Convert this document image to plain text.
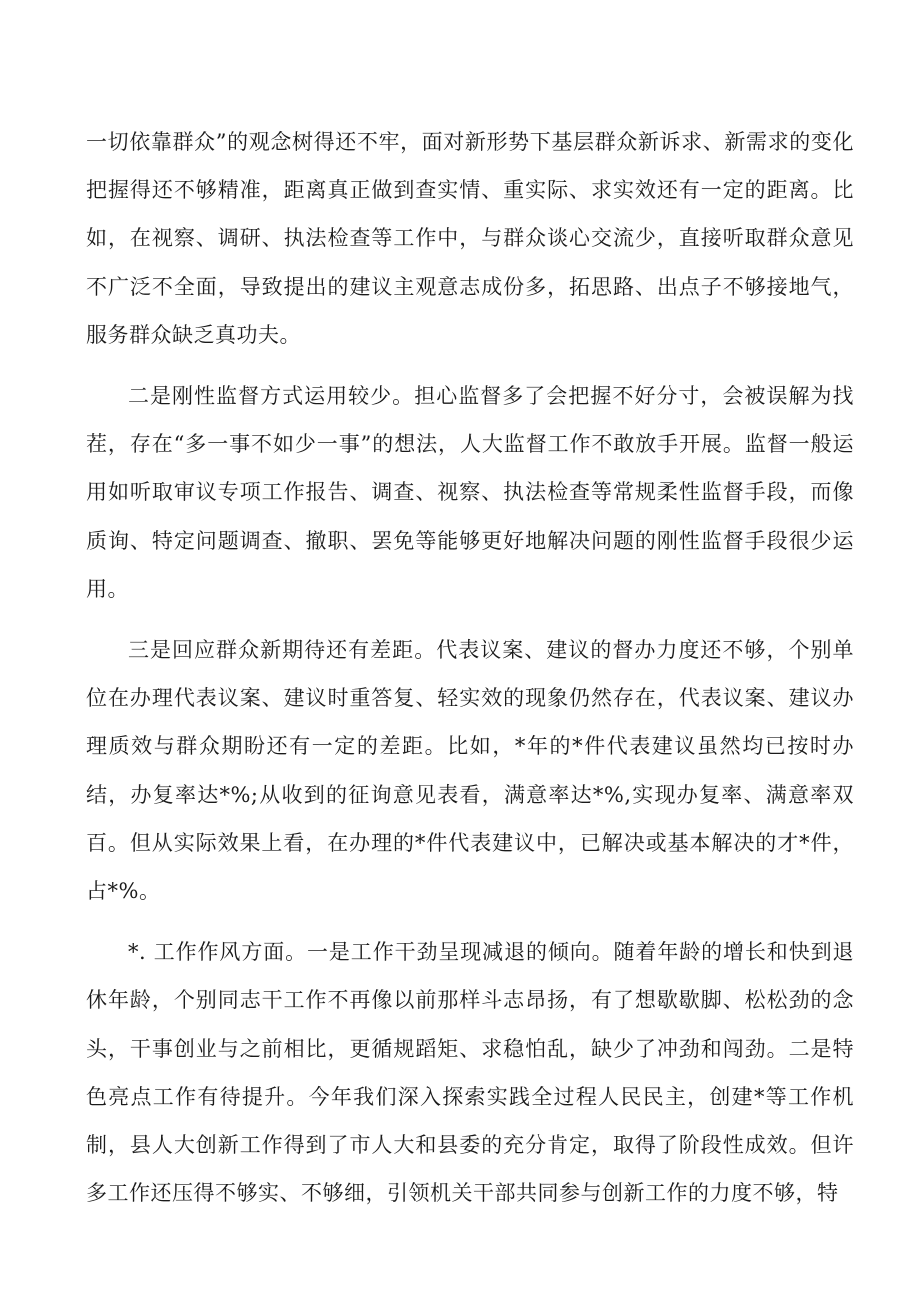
一切依靠群众”的观念树得还不牢，面对新形势下基层群众新诉求、新需求的变化把握得还不够精准，距离真正做到查实情、重实际、求实效还有一定的距离。比如，在视察、调研、执法检查等工作中，与群众谈心交流少，直接听取群众意见不广泛不全面，导致提出的建议主观意志成份多，拓思路、出点子不够接地气，服务群众缺乏真功夫。

二是刚性监督方式运用较少。担心监督多了会把握不好分寸，会被误解为找茬，存在“多一事不如少一事”的想法，人大监督工作不敢放手开展。监督一般运用如听取审议专项工作报告、调查、视察、执法检查等常规柔性监督手段，而像质询、特定问题调查、撤职、罢免等能够更好地解决问题的刚性监督手段很少运用。

三是回应群众新期待还有差距。代表议案、建议的督办力度还不够，个别单位在办理代表议案、建议时重答复、轻实效的现象仍然存在，代表议案、建议办理质效与群众期盼还有一定的差距。比如，*年的*件代表建议虽然均已按时办结，办复率达*%;从收到的征询意见表看，满意率达*%,实现办复率、满意率双百。但从实际效果上看，在办理的*件代表建议中，已解决或基本解决的才*件，占*%。

*. 工作作风方面。一是工作干劲呈现减退的倾向。随着年龄的增长和快到退休年龄，个别同志干工作不再像以前那样斗志昂扬，有了想歇歇脚、松松劲的念头，干事创业与之前相比，更循规蹈矩、求稳怕乱，缺少了冲劲和闯劲。二是特色亮点工作有待提升。今年我们深入探索实践全过程人民民主，创建*等工作机制，县人大创新工作得到了市人大和县委的充分肯定，取得了阶段性成效。但许多工作还压得不够实、不够细，引领机关干部共同参与创新工作的力度不够，特
